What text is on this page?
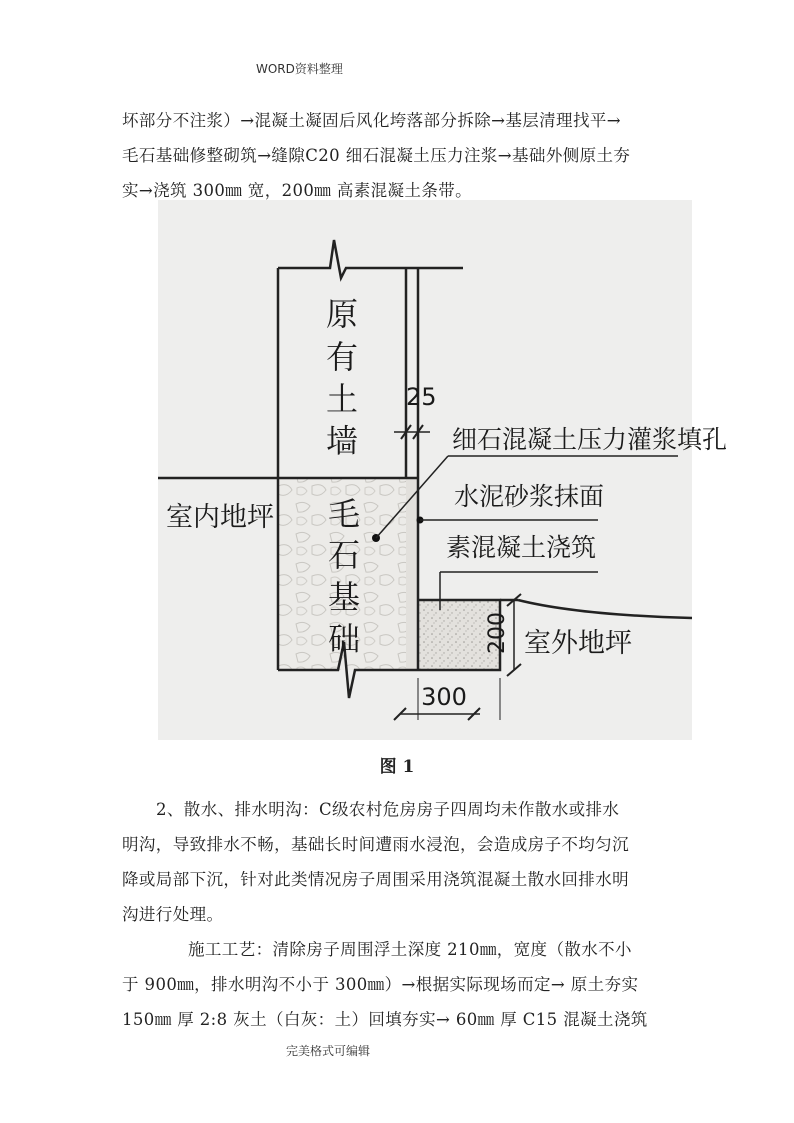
WORD资料整理
坏部分不注浆）→混凝土凝固后风化垮落部分拆除→基层清理找平→
毛石基础修整砌筑→缝隙C20 细石混凝土压力注浆→基础外侧原土夯
实→浇筑 300㎜ 宽，200㎜ 高素混凝土条带。
原
有
土
墙
毛
石
基
础
室内地坪
室外地坪
25
200
300
细石混凝土压力灌浆填孔
水泥砂浆抹面
素混凝土浇筑
图 1
2、散水、排水明沟：C级农村危房房子四周均未作散水或排水
明沟，导致排水不畅，基础长时间遭雨水浸泡，会造成房子不均匀沉
降或局部下沉，针对此类情况房子周围采用浇筑混凝土散水回排水明
沟进行处理。
施工工艺：清除房子周围浮土深度 210㎜，宽度（散水不小
于 900㎜，排水明沟不小于 300㎜）→根据实际现场而定→ 原土夯实
150㎜ 厚 2:8 灰土（白灰：土）回填夯实→ 60㎜ 厚 C15 混凝土浇筑
完美格式可编辑
